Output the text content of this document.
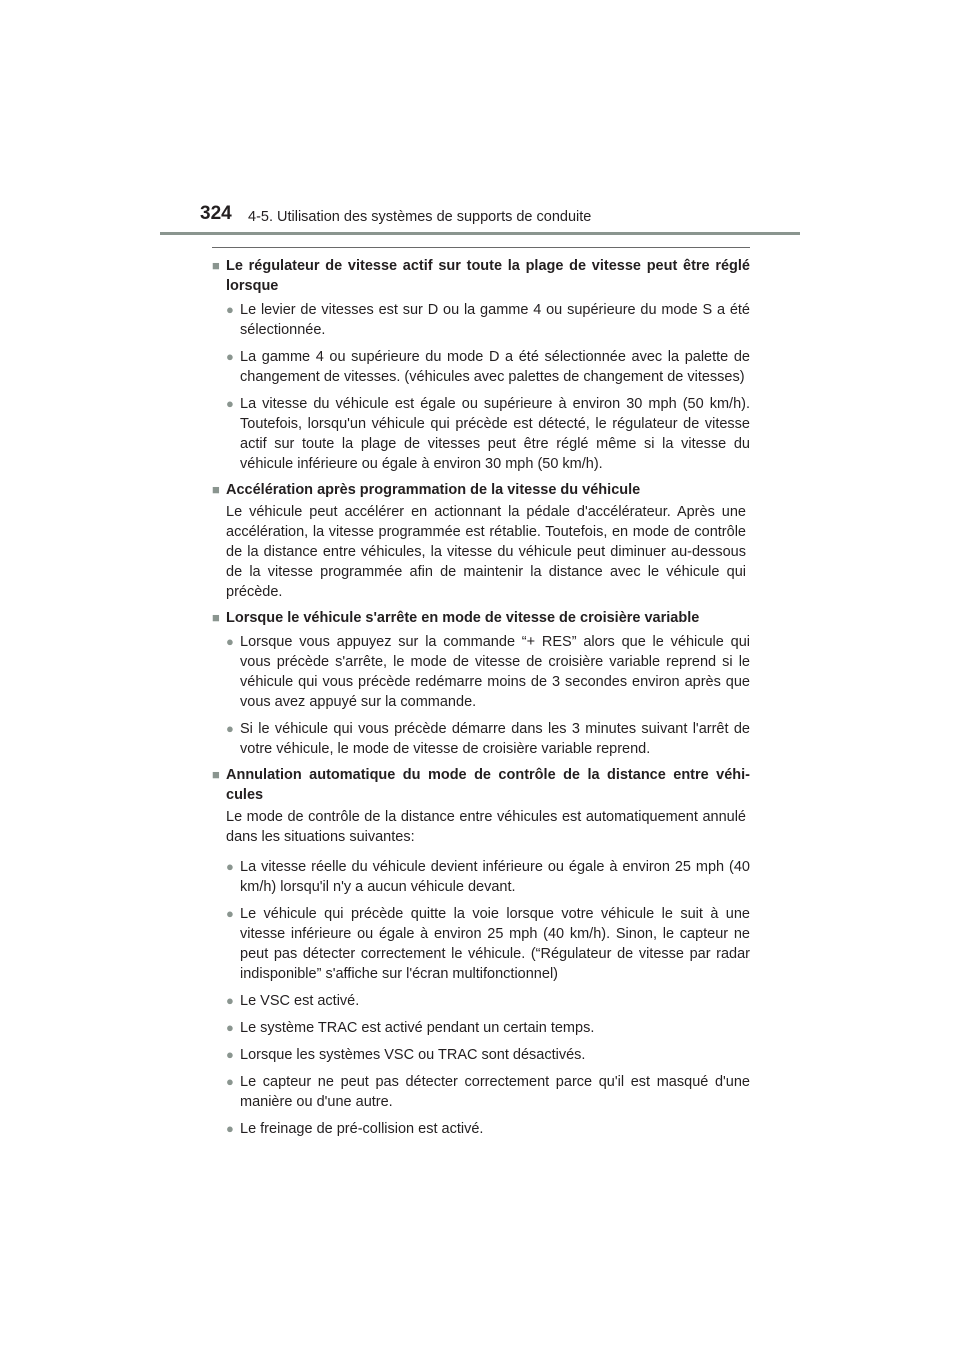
324 4-5. Utilisation des systèmes de supports de conduite
■ Le régulateur de vitesse actif sur toute la plage de vitesse peut être réglé lorsque
● Le levier de vitesses est sur D ou la gamme 4 ou supérieure du mode S a été sélectionnée.
● La gamme 4 ou supérieure du mode D a été sélectionnée avec la palette de changement de vitesses. (véhicules avec palettes de changement de vitesses)
● La vitesse du véhicule est égale ou supérieure à environ 30 mph (50 km/h). Toutefois, lorsqu'un véhicule qui précède est détecté, le régulateur de vitesse actif sur toute la plage de vitesses peut être réglé même si la vitesse du véhicule inférieure ou égale à environ 30 mph (50 km/h).
■ Accélération après programmation de la vitesse du véhicule
Le véhicule peut accélérer en actionnant la pédale d'accélérateur. Après une accélération, la vitesse programmée est rétablie. Toutefois, en mode de contrôle de la distance entre véhicules, la vitesse du véhicule peut diminuer au-dessous de la vitesse programmée afin de maintenir la distance avec le véhicule qui précède.
■ Lorsque le véhicule s'arrête en mode de vitesse de croisière variable
● Lorsque vous appuyez sur la commande “+ RES” alors que le véhicule qui vous précède s'arrête, le mode de vitesse de croisière variable reprend si le véhicule qui vous précède redémarre moins de 3 secondes environ après que vous avez appuyé sur la commande.
● Si le véhicule qui vous précède démarre dans les 3 minutes suivant l'arrêt de votre véhicule, le mode de vitesse de croisière variable reprend.
■ Annulation automatique du mode de contrôle de la distance entre véhi-cules
Le mode de contrôle de la distance entre véhicules est automatiquement annulé dans les situations suivantes:
● La vitesse réelle du véhicule devient inférieure ou égale à environ 25 mph (40 km/h) lorsqu'il n'y a aucun véhicule devant.
● Le véhicule qui précède quitte la voie lorsque votre véhicule le suit à une vitesse inférieure ou égale à environ 25 mph (40 km/h). Sinon, le capteur ne peut pas détecter correctement le véhicule. (“Régulateur de vitesse par radar indisponible” s'affiche sur l'écran multifonctionnel)
● Le VSC est activé.
● Le système TRAC est activé pendant un certain temps.
● Lorsque les systèmes VSC ou TRAC sont désactivés.
● Le capteur ne peut pas détecter correctement parce qu'il est masqué d'une manière ou d'une autre.
● Le freinage de pré-collision est activé.
